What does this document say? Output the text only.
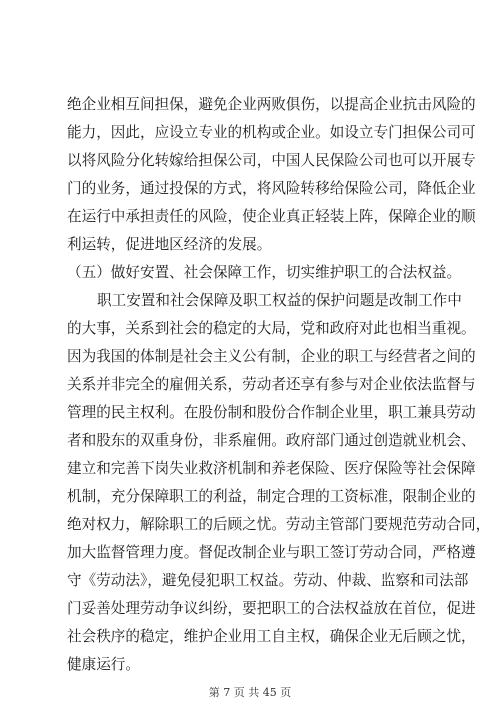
绝企业相互间担保，避免企业两败俱伤，以提高企业抗击风险的
能力，因此，应设立专业的机构或企业。如设立专门担保公司可
以将风险分化转嫁给担保公司，中国人民保险公司也可以开展专
门的业务，通过投保的方式，将风险转移给保险公司，降低企业
在运行中承担责任的风险，使企业真正轻装上阵，保障企业的顺
利运转，促进地区经济的发展。
（五）做好安置、社会保障工作，切实维护职工的合法权益。
职工安置和社会保障及职工权益的保护问题是改制工作中
的大事，关系到社会的稳定的大局，党和政府对此也相当重视。
因为我国的体制是社会主义公有制，企业的职工与经营者之间的
关系并非完全的雇佣关系，劳动者还享有参与对企业依法监督与
管理的民主权利。在股份制和股份合作制企业里，职工兼具劳动
者和股东的双重身份，非系雇佣。政府部门通过创造就业机会、
建立和完善下岗失业救济机制和养老保险、医疗保险等社会保障
机制，充分保障职工的利益，制定合理的工资标准，限制企业的
绝对权力，解除职工的后顾之忧。劳动主管部门要规范劳动合同，
加大监督管理力度。督促改制企业与职工签订劳动合同，严格遵
守《劳动法》，避免侵犯职工权益。劳动、仲裁、监察和司法部
门妥善处理劳动争议纠纷，要把职工的合法权益放在首位，促进
社会秩序的稳定，维护企业用工自主权，确保企业无后顾之忧，
健康运行。
第 7 页 共 45 页
